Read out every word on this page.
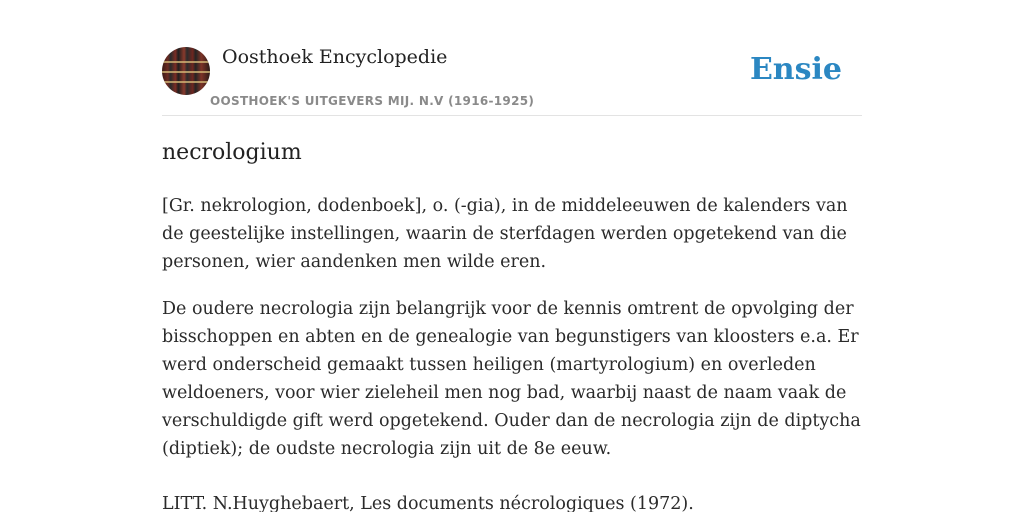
Oosthoek Encyclopedie
OOSTHOEK'S UITGEVERS MIJ. N.V (1916-1925)
Ensie
necrologium

[Gr. nekrologion, dodenboek], o. (-gia), in de middeleeuwen de kalenders van de geestelijke instellingen, waarin de sterfdagen werden opgetekend van die personen, wier aandenken men wilde eren.

De oudere necrologia zijn belangrijk voor de kennis omtrent de opvolging der bisschoppen en abten en de genealogie van begunstigers van kloosters e.a. Er werd onderscheid gemaakt tussen heiligen (martyrologium) en overleden weldoeners, voor wier zieleheil men nog bad, waarbij naast de naam vaak de verschuldigde gift werd opgetekend. Ouder dan de necrologia zijn de diptycha (diptiek); de oudste necrologia zijn uit de 8e eeuw.

LITT. N.Huyghebaert, Les documents nécrologiques (1972).
